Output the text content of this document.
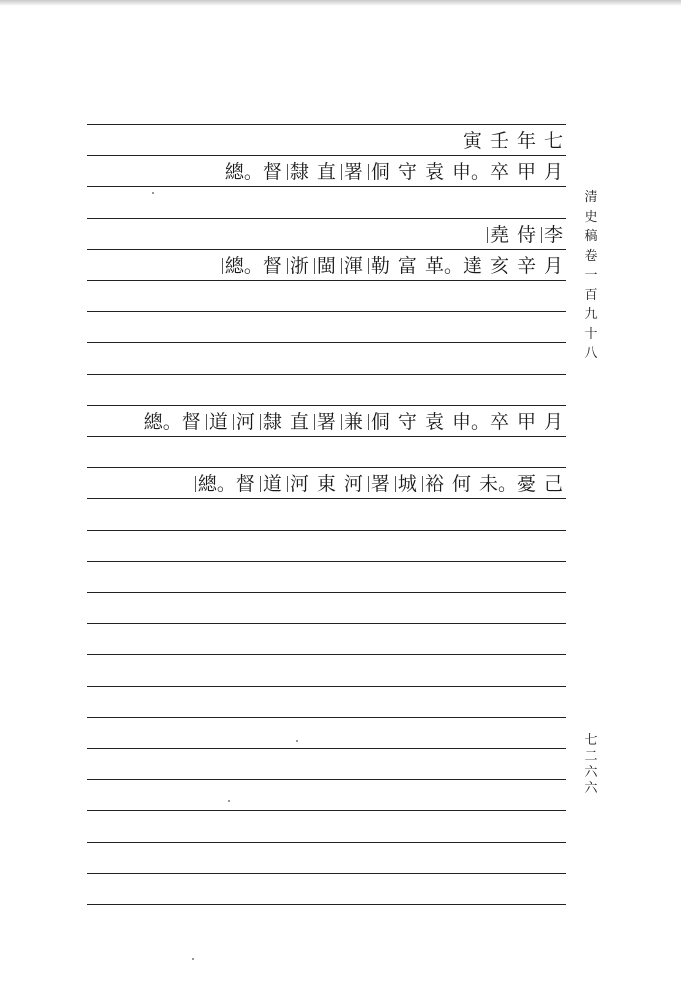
寅 壬 年 七
總。督 隸 直 署 侗 守 袁 申。卒 甲 月
堯 侍 李
總。督 浙 閩 渾 勒 富 革。達 亥 辛 月
總。督 道 河 隸 直 署 兼 侗 守 袁 申。卒 甲 月
總。督 道 河 東 河 署 城 裕 何 未。憂 己
清史稿卷一百九十八
七二六六
